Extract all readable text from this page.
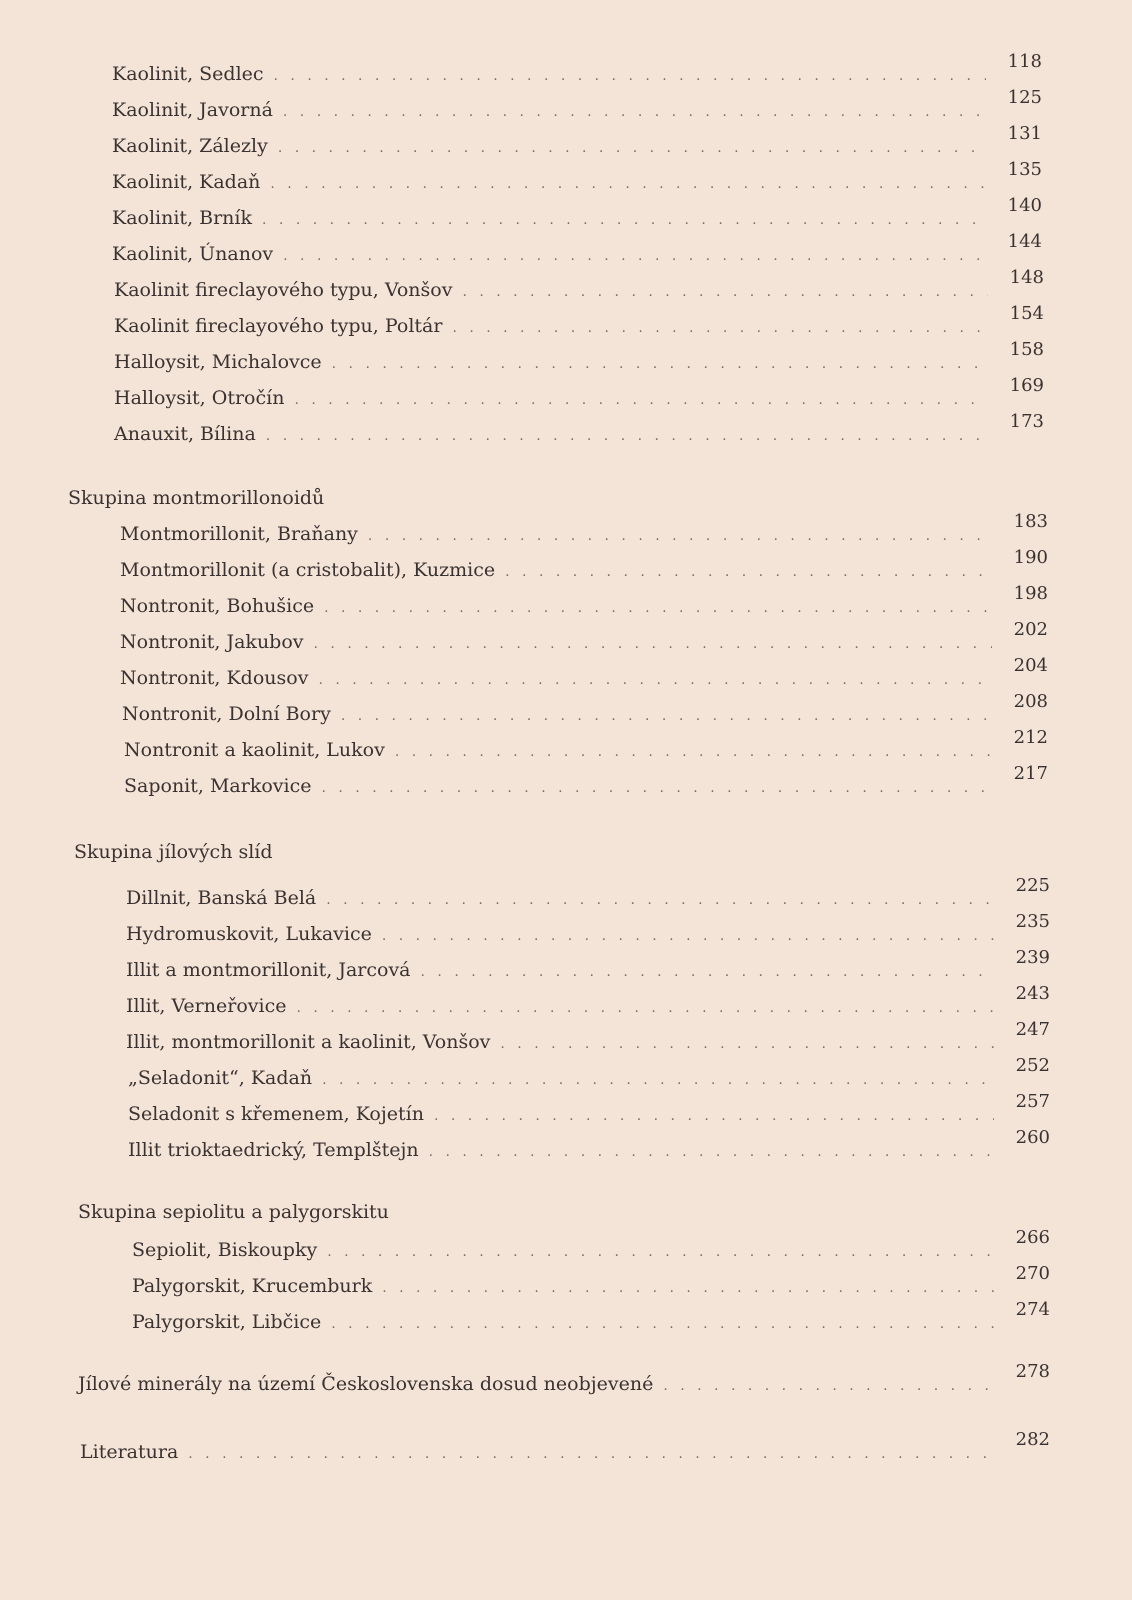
Kaolinit, Sedlec
. . .
118
Kaolinit, Javorná
. . .
125
Kaolinit, Zálezly
. . .
131
Kaolinit, Kadaň
. . .
135
Kaolinit, Brník
. . .
140
Kaolinit, Únanov
. . .
144
Kaolinit fireclayového typu, Vonšov
. . .
148
Kaolinit fireclayového typu, Poltár
. . .
154
Halloysit, Michalovce
. . .
158
Halloysit, Otročín
. . .
169
Anauxit, Bílina
. . .
173
Skupina montmorillonoidů
Montmorillonit, Braňany
. . .
183
Montmorillonit (a cristobalit), Kuzmice
. . .
190
Nontronit, Bohušice
. . .
198
Nontronit, Jakubov
. . .
202
Nontronit, Kdousov
. . .
204
Nontronit, Dolní Bory
. . .
208
Nontronit a kaolinit, Lukov
. . .
212
Saponit, Markovice
. . .
217
Skupina jílových slíd
Dillnit, Banská Belá
. . .
225
Hydromuskovit, Lukavice
. . .
235
Illit a montmorillonit, Jarcová
. . .
239
Illit, Verneřovice
. . .
243
Illit, montmorillonit a kaolinit, Vonšov
. . .
247
„Seladonit“, Kadaň
. . .
252
Seladonit s křemenem, Kojetín
. . .
257
Illit trioktaedrický, Templštejn
. . .
260
Skupina sepiolitu a palygorskitu
Sepiolit, Biskoupky
. . .
266
Palygorskit, Krucemburk
. . .
270
Palygorskit, Libčice
. . .
274
Jílové minerály na území Československa dosud neobjevené
. . .
278
Literatura
. . .
282
